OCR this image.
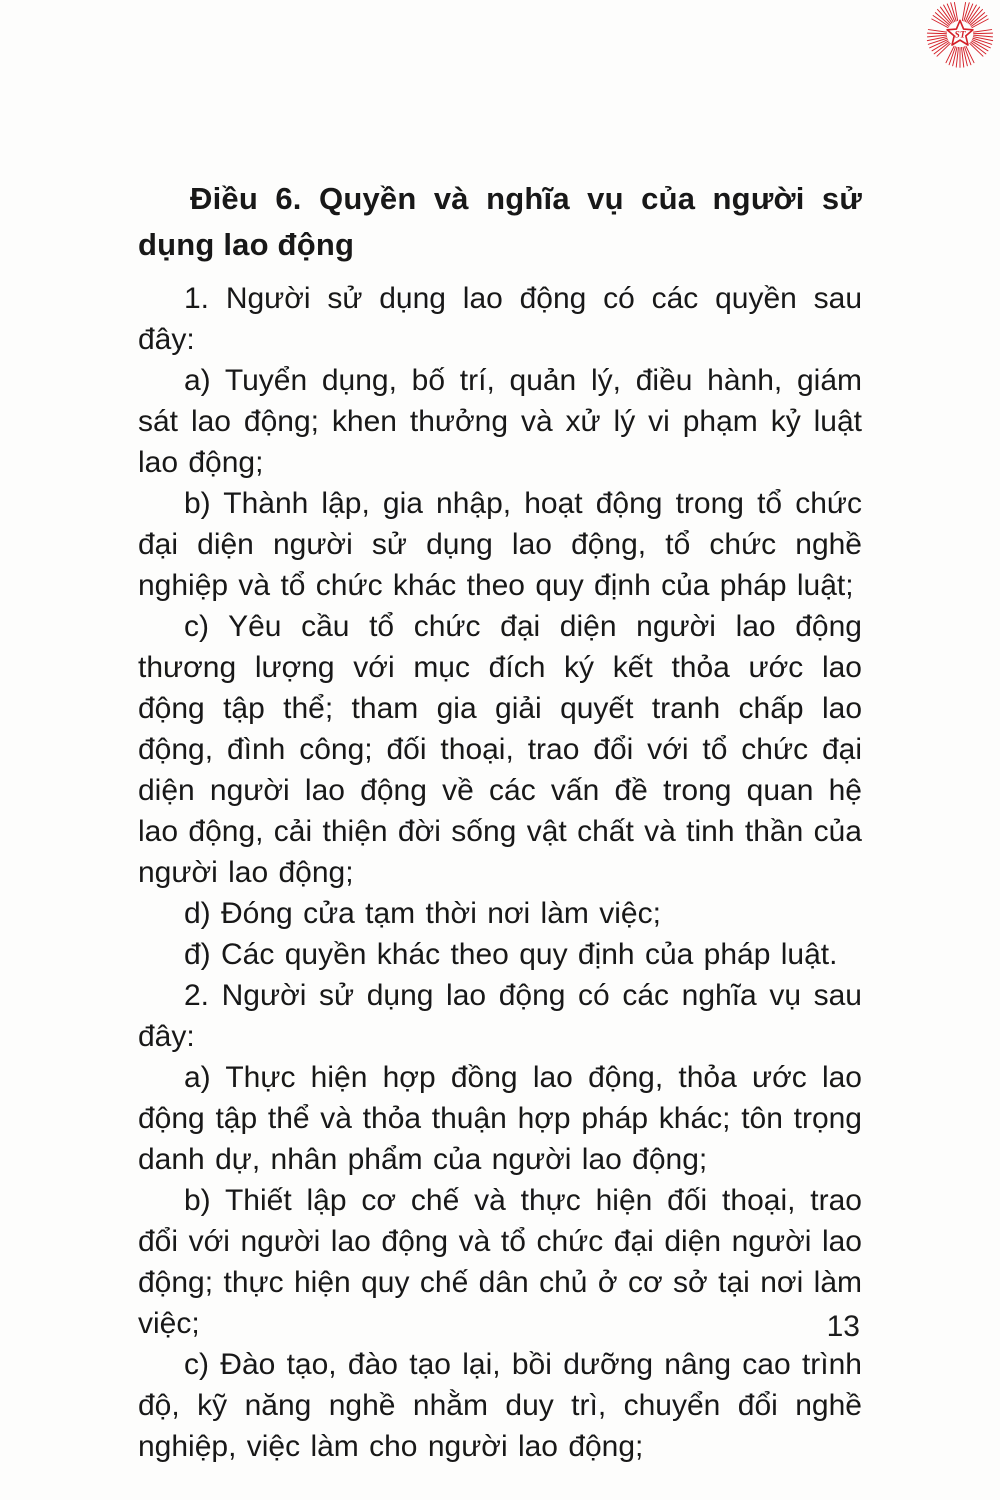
ST
Điều 6. Quyền và nghĩa vụ của người sử dụng lao động

1. Người sử dụng lao động có các quyền sau đây:

a) Tuyển dụng, bố trí, quản lý, điều hành, giám sát lao động; khen thưởng và xử lý vi phạm kỷ luật lao động;

b) Thành lập, gia nhập, hoạt động trong tổ chức đại diện người sử dụng lao động, tổ chức nghề nghiệp và tổ chức khác theo quy định của pháp luật;

c) Yêu cầu tổ chức đại diện người lao động thương lượng với mục đích ký kết thỏa ước lao động tập thể; tham gia giải quyết tranh chấp lao động, đình công; đối thoại, trao đổi với tổ chức đại diện người lao động về các vấn đề trong quan hệ lao động, cải thiện đời sống vật chất và tinh thần của người lao động;

d) Đóng cửa tạm thời nơi làm việc;

đ) Các quyền khác theo quy định của pháp luật.

2. Người sử dụng lao động có các nghĩa vụ sau đây:

a) Thực hiện hợp đồng lao động, thỏa ước lao động tập thể và thỏa thuận hợp pháp khác; tôn trọng danh dự, nhân phẩm của người lao động;

b) Thiết lập cơ chế và thực hiện đối thoại, trao đổi với người lao động và tổ chức đại diện người lao động; thực hiện quy chế dân chủ ở cơ sở tại nơi làm việc;

c) Đào tạo, đào tạo lại, bồi dưỡng nâng cao trình độ, kỹ năng nghề nhằm duy trì, chuyển đổi nghề nghiệp, việc làm cho người lao động;

13
